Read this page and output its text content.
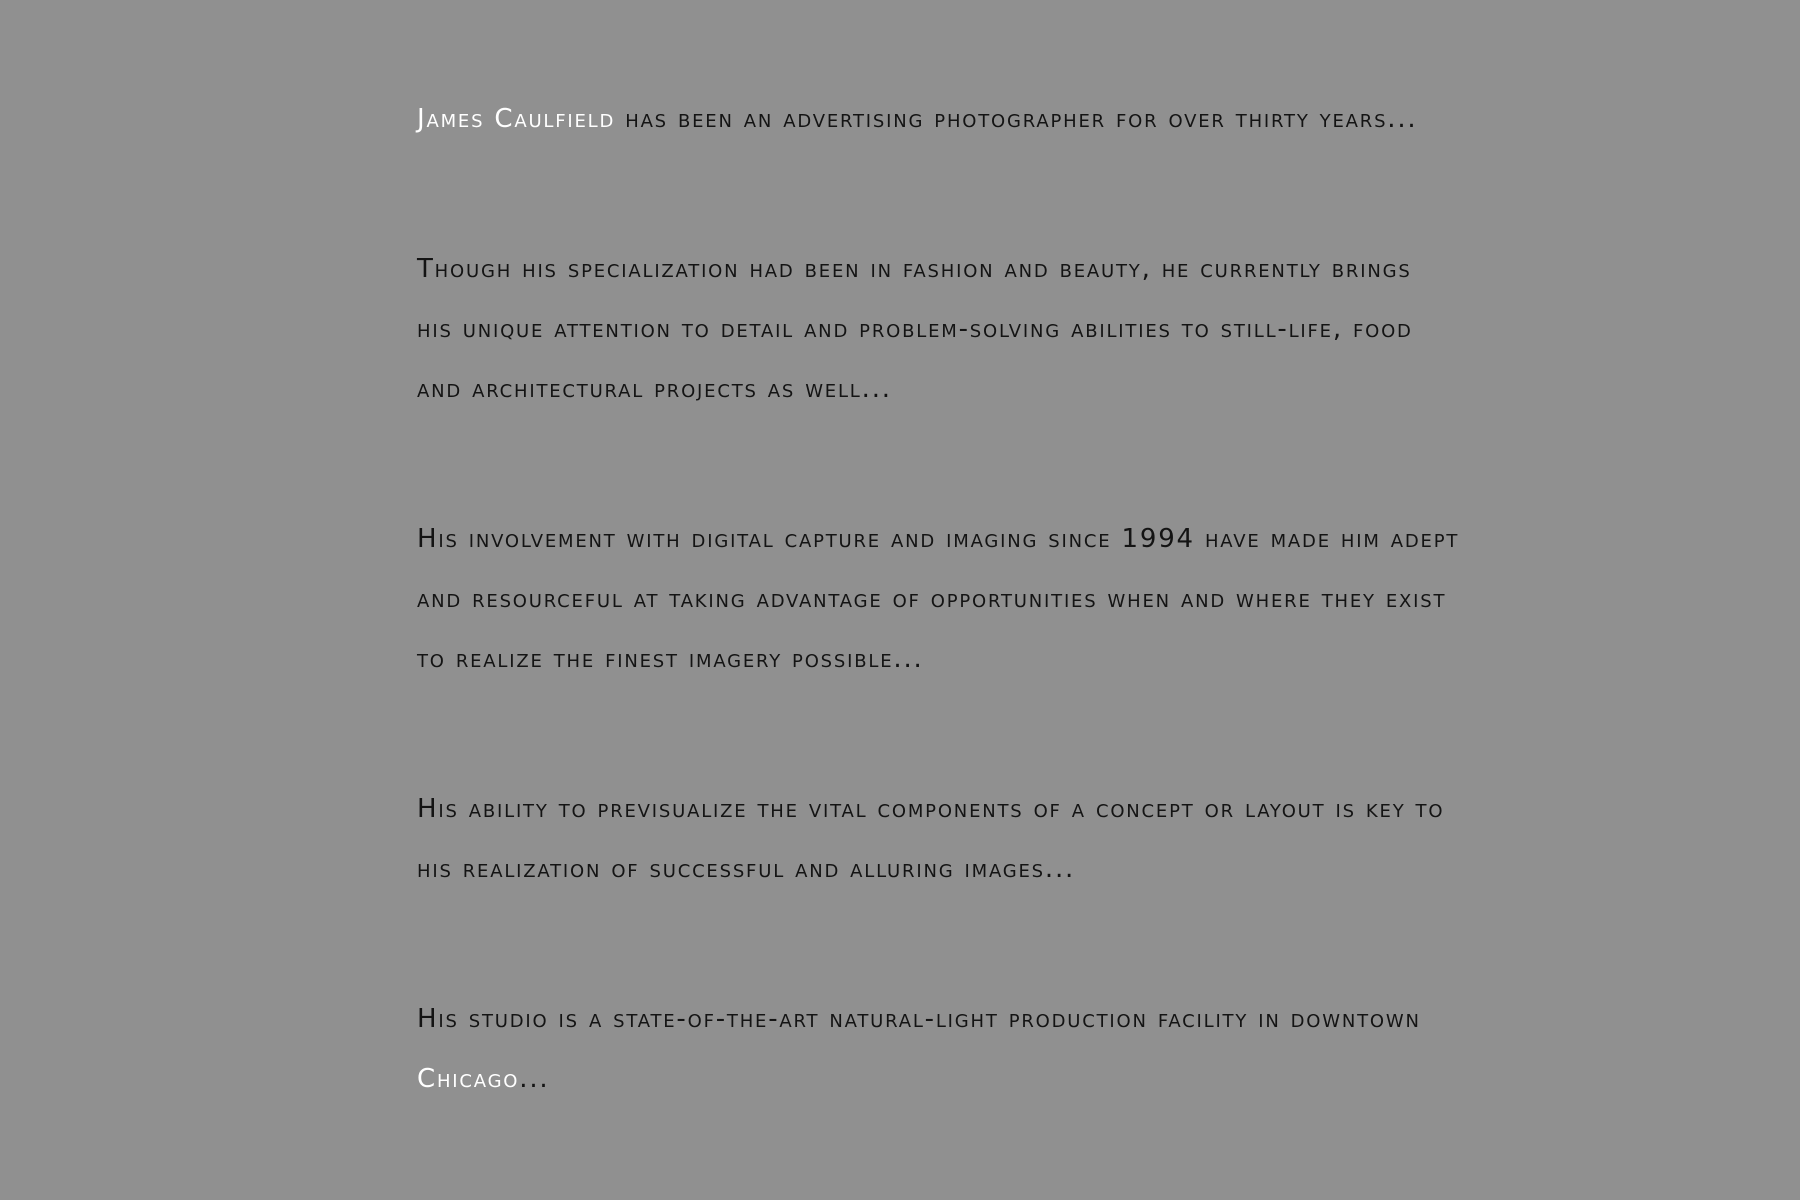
James Caulfield has been an advertising photographer for over thirty years...

Though his specialization had been in fashion and beauty, he currently brings

his unique attention to detail and problem-solving abilities to still-life, food

and architectural projects as well...

His involvement with digital capture and imaging since 1994 have made him adept

and resourceful at taking advantage of opportunities when and where they exist

to realize the finest imagery possible...

His ability to previsualize the vital components of a concept or layout is key to

his realization of successful and alluring images...

His studio is a state-of-the-art natural-light production facility in downtown

Chicago...
